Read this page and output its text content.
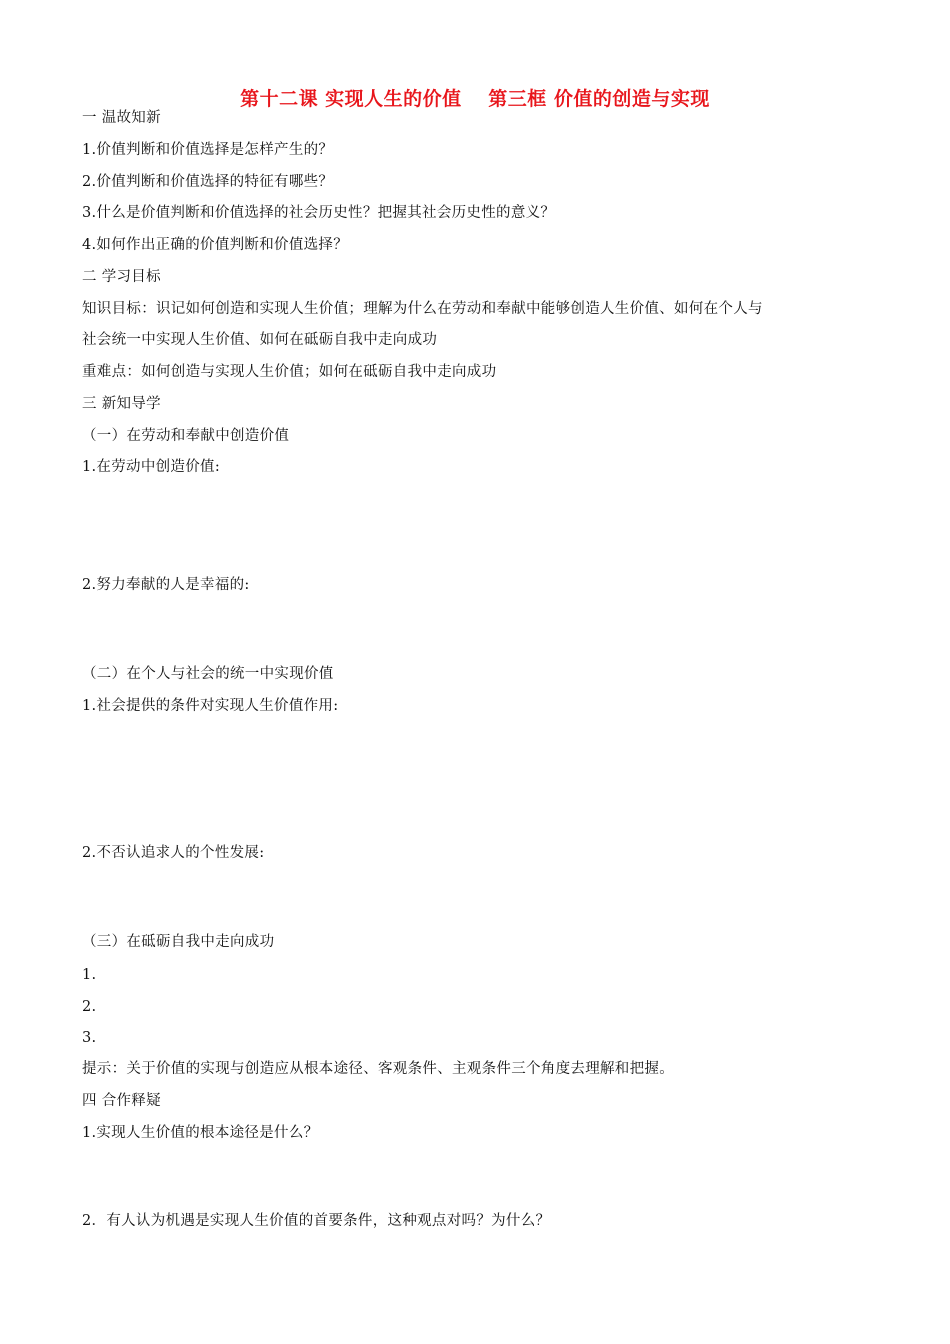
第十二课 实现人生的价值　 第三框 价值的创造与实现
一 温故知新
1.价值判断和价值选择是怎样产生的？
2.价值判断和价值选择的特征有哪些？
3.什么是价值判断和价值选择的社会历史性？把握其社会历史性的意义？
4.如何作出正确的价值判断和价值选择？
二 学习目标
知识目标：识记如何创造和实现人生价值；理解为什么在劳动和奉献中能够创造人生价值、如何在个人与
社会统一中实现人生价值、如何在砥砺自我中走向成功
重难点：如何创造与实现人生价值；如何在砥砺自我中走向成功
三 新知导学
（一）在劳动和奉献中创造价值
1.在劳动中创造价值:
2.努力奉献的人是幸福的:
（二）在个人与社会的统一中实现价值
1.社会提供的条件对实现人生价值作用:
2.不否认追求人的个性发展:
（三）在砥砺自我中走向成功
1.
2.
3.
提示：关于价值的实现与创造应从根本途径、客观条件、主观条件三个角度去理解和把握。
四 合作释疑
1.实现人生价值的根本途径是什么？
2．有人认为机遇是实现人生价值的首要条件，这种观点对吗？为什么？
